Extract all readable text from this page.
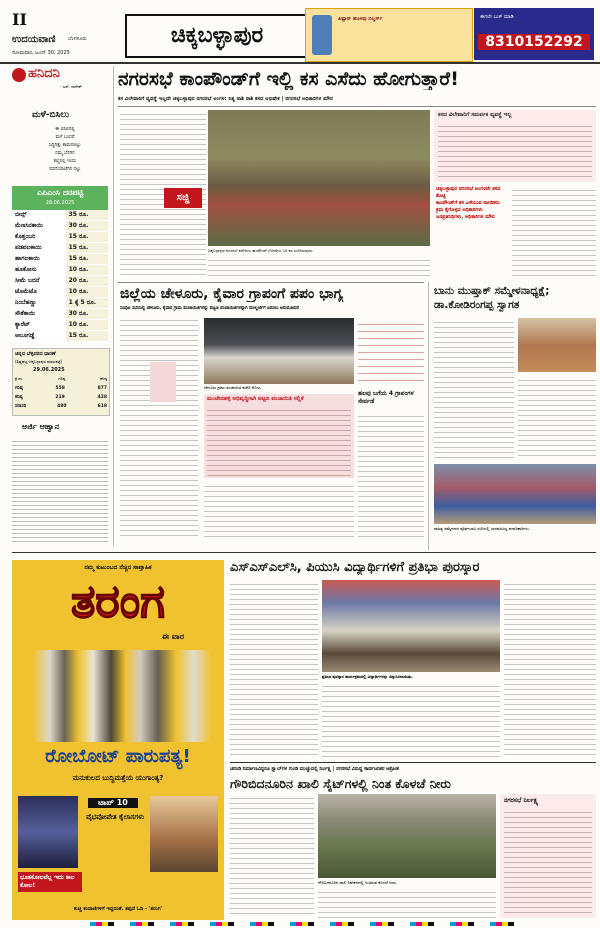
II
ಉದಯವಾಣಿ	ಬೆಂಗಳೂರು
ಸೋಮವಾರ, ಜೂನ್ 30, 2025
ಚಿಕ್ಕಬಳ್ಳಾಪುರ
ಪಿಷ್ಟಾನ್ ಹೊಳಪು ಬಿಲ್ಡರ್ಸ್	ಈಗಲೇ ಬುಕ್ ಮಾಡಿ
8310152292
ಹನಿದನಿ
- ಎಸ್. ನಾಗೇಶ್
ಮಳೆ-ಬಿಸಿಲು
ಈ ಬಿಸಿಲಿನಲ್ಲಿ
ಮಳೆ ಬಂದರೆ
ಸಿದ್ದಿಗಿತ್ತು ಕಾಮನಬಿಲ್ಲು
ನಮ್ಮ ಬೆರಗಿನ
ಕಣ್ಣಿನಲ್ಲಿ ಇಂದು
ಪರದೆಯಾಚೆಗಿನ ನಲ್ಲು
ಎಪಿಎಂಸಿ ದರಪಟ್ಟಿ
28.06.2025
ಬೀನ್ಸ್	35 ರೂ.
ಮೆಣಸಿನಕಾಯಿ	30 ರೂ.
ಕೊತ್ತಂಬರಿ	15 ರೂ.
ಪಡವಲಕಾಯಿ	15 ರೂ.
ಹಾಗಲಕಾಯಿ	15 ರೂ.
ಹೂಕೋಸು	10 ರೂ.
ಸೀಮೆ ಬದನೆ	20 ರೂ.
ಟೊಮೆಟೊ	10 ರೂ.
ನಿಂಬೆಹಣ್ಣು	1 ಕ್ಕೆ 5 ರೂ.
ಸೌತೆಕಾಯಿ	30 ರೂ.
ಕ್ಯಾರೆಟ್	10 ರೂ.
ಆಲೂಗಡ್ಡೆ	15 ರೂ.
ಚಿನ್ನದ ಬೆಳ್ಳಿದರದ ಧಾರಣೆ
(ಶಿಡ್ಲಘಟ್ಟ-ಚಿಕ್ಕಬಳ್ಳಾಪುರ ಮಾರುಕಟ್ಟೆ)
29.06.2025
ಕ್ರ.ಸಂ.	ಗರಿಷ್ಠ	ಕನಿಷ್ಠ
ಗರಿಷ್ಠ	558	877
ಕನಿಷ್ಠ	219	428
ಸರಾಸರಿ	480	618
ಅರ್ಜಿ ಆಹ್ವಾನ
ನಗರಸಭೆ ಕಾಂಪೌಂಡ್‌ಗೆ ಇಲ್ಲಿ ಕಸ ಎಸೆದು ಹೋಗುತ್ತಾರೆ!
ಕಸ ವಿಲೇವಾರಿಗೆ ವ್ಯವಸ್ಥೆ ಇಲ್ಲದೇ ಚಿಕ್ಕಬಳ್ಳಾಪುರ ನಗರಸಭೆ ಅಂಗಳ: ನಿತ್ಯ ರಾಶಿ ರಾಶಿ ಕಸದ ಅಭಿಷೇಕ | ನಗರಸಭೆ ಅಧಿಕಾರಿಗಳ ಮೌನ
ಸಜ್ಜಿ
ಚಿಕ್ಕಬಳ್ಳಾಪುರ ನಗರಸಭೆ ಕಚೇರಿಯ ಕಾಂಪೌಂಡ್ ಗೋಡೆಯ ಬಳಿ ಕಸ ಸುರಿದಿರುವುದು.
ಕಸದ ವಿಲೇವಾರಿಗೆ ಸಮರ್ಪಕ ವ್ಯವಸ್ಥೆ ಇಲ್ಲ
ಚಿಕ್ಕಬಳ್ಳಾಪುರ ನಗರಸಭೆ ಅಂಗಳವೇ ಕಸದ ತೊಟ್ಟಿ
ಕಾಂಪೌಂಡ್‌ಗೆ ಕಸ ಎಸೆಯುವ ನಾಗರಿಕರು
ಕ್ರಮ ಕೈಗೊಳ್ಳದ ಅಧಿಕಾರಿಗಳು
ಜನಪ್ರತಿನಿಧಿಗಳು, ಅಧಿಕಾರಿಗಳ ಮೌನ
ಜಿಲ್ಲೆಯ ಚೇಳೂರು, ಕೈವಾರ ಗ್ರಾಪಂಗೆ ಪಪಂ ಭಾಗ್ಯ
ಸಂಪುಟ ಸಭೆಯಲ್ಲಿ ಚೇಳೂರು, ಕೈವಾರ ಗ್ರಾಮ ಪಂಚಾಯಿತಿಗಳನ್ನು ಪಟ್ಟಣ ಪಂಚಾಯಿತಿಗಳನ್ನಾಗಿ ಮೇಲ್ದರ್ಜೆಗೆ ಏರಿಸಲು ಅನುಮೋದನೆ
ಚೇಳೂರು ಗ್ರಾಮ ಪಂಚಾಯಿತಿ ಕಚೇರಿ ನೋಟ.
ಮಂಚೇನಹಳ್ಳಿ ಅಭಿವೃದ್ಧಿಗಾಗಿ ಪಟ್ಟಣ ಪಂಚಾಯಿತಿ ಸಲ್ಲಿಕೆ
ಹಲವು ಬಗೆಯ 4 ಗ್ರಾಪಂಗಳ ಸೇರ್ಪಡೆ
ಬಾನು ಮುಷ್ತಾಕ್ ಸಮ್ಮೇಳನಾಧ್ಯಕ್ಷೆ; ಡಾ.ಕೋಡಿರಂಗಪ್ಪ ಸ್ವಾಗತ
ಸಾಹಿತ್ಯ ಸಮ್ಮೇಳನದ ಪೂರ್ವಭಾವಿ ಸಭೆಯಲ್ಲಿ ಭಾಗವಹಿಸಿದ್ದ ಪದಾಧಿಕಾರಿಗಳು.
ನಮ್ಮ ಕುಟುಂಬದ ನೆಚ್ಚಿನ ಸಾಪ್ತಾಹಿಕ
ತರಂಗ
ಈ ವಾರ
ರೋಬೋಟ್ ಪಾರುಪತ್ಯ!
ಮನುಕುಲದ ಬುದ್ಧಿಮತ್ತೆಯ ಯುಗಾಂತ್ಯ?
ಟಾಪ್ 10
ವೈಭವೋಪೇತ ಕೈಲಾಸಗಳು
ಭೂತಕೋಲವೆಲ್ಲ ಇದು ಕಾಲ ಕೋಲ!
ಕುಚ್ಚಿ ಕಂದಾಣಿಗಳಿಗೆ ಇದ್ದದಂತೆ. ತಪ್ಪದೆ ಓದಿ - 'ತರಂಗ'
ಎಸ್‌ಎಸ್‌ಎಲ್‌ಸಿ, ಪಿಯುಸಿ ವಿದ್ಯಾರ್ಥಿಗಳಿಗೆ ಪ್ರತಿಭಾ ಪುರಸ್ಕಾರ
ಪ್ರತಿಭಾ ಪುರಸ್ಕಾರ ಕಾರ್ಯಕ್ರಮದಲ್ಲಿ ವಿದ್ಯಾರ್ಥಿಗಳನ್ನು ಸನ್ಮಾನಿಸಲಾಯಿತು.
ಚರಂಡಿ ನಿರ್ಮಾಣವಿದ್ದರೂ ಸ್ಲ್ಯಾಬ್‌ಗಳ ಗುಂಡಿ ಮುಚ್ಚುವಲ್ಲಿ ನಿರ್ಲಕ್ಷ್ಯ | ನಗರಸಭೆ ವಿರುದ್ಧ ಸಾರ್ವಜನಿಕರ ಆಕ್ರೋಶ
ಗೌರಿಬಿದನೂರಿನ ಖಾಲಿ ಸೈಟ್‌ಗಳಲ್ಲಿ ನಿಂತ ಕೊಳಚೆ ನೀರು
ಗೌರಿಬಿದನೂರಿನ ಖಾಲಿ ನಿವೇಶನದಲ್ಲಿ ನಿಂತಿರುವ ಕೊಳಚೆ ನೀರು.
ನಗರಸಭೆ ನಿರ್ಲಕ್ಷ್ಯ
